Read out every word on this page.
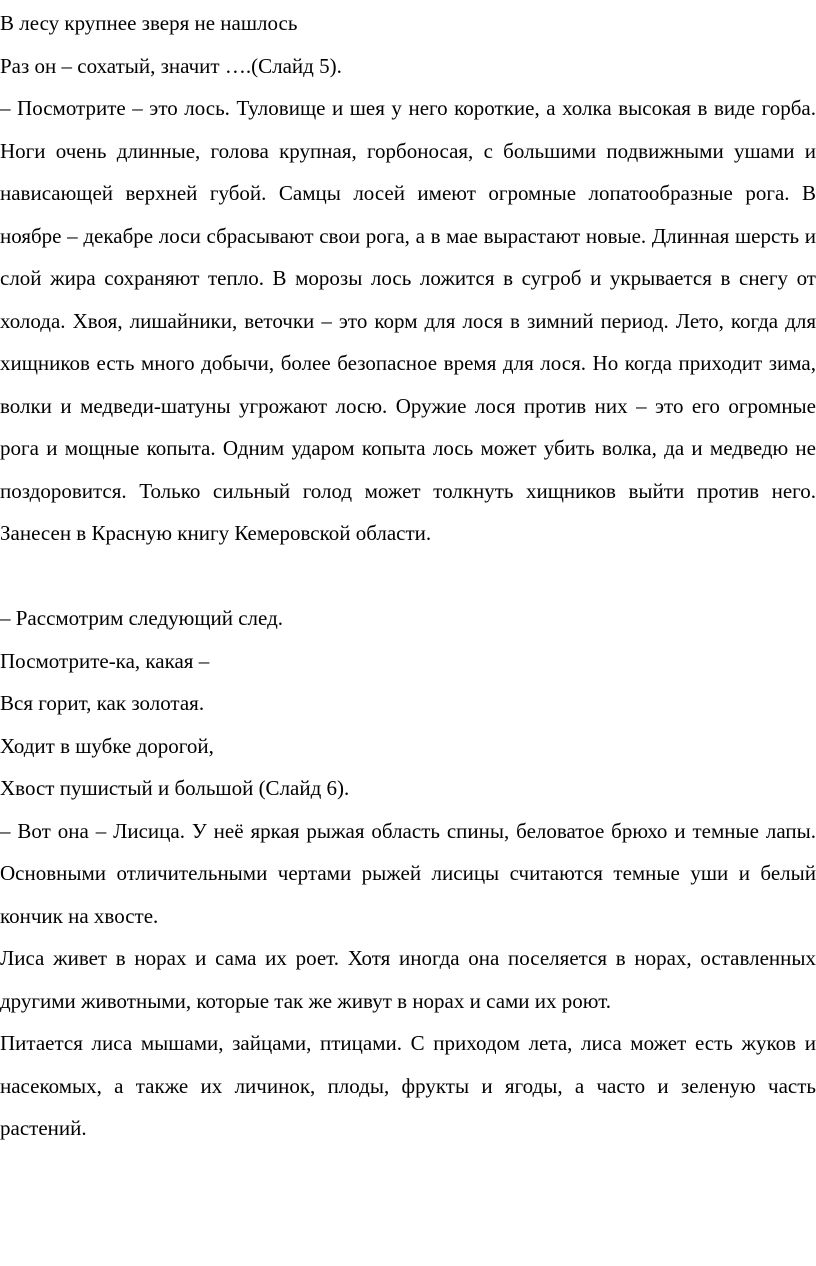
В лесу крупнее зверя не нашлось

Раз он – сохатый, значит ….(Слайд 5).

– Посмотрите – это лось. Туловище и шея у него короткие, а холка высокая в виде горба. Ноги очень длинные, голова крупная, горбоносая, с большими подвижными ушами и нависающей верхней губой. Самцы лосей имеют огромные лопатообразные рога. В ноябре – декабре лоси сбрасывают свои рога, а в мае вырастают новые. Длинная шерсть и слой жира сохраняют тепло. В морозы лось ложится в сугроб и укрывается в снегу от холода. Хвоя, лишайники, веточки – это корм для лося в зимний период. Лето, когда для хищников есть много добычи, более безопасное время для лося. Но когда приходит зима, волки и медведи-шатуны угрожают лосю. Оружие лося против них – это его огромные рога и мощные копыта. Одним ударом копыта лось может убить волка, да и медведю не поздоровится. Только сильный голод может толкнуть хищников выйти против него. Занесен в Красную книгу Кемеровской области.

– Рассмотрим следующий след.

Посмотрите-ка, какая –

Вся горит, как золотая.

Ходит в шубке дорогой,

Хвост пушистый и большой (Слайд 6).

– Вот она – Лисица. У неё яркая рыжая область спины, беловатое брюхо и темные лапы. Основными отличительными чертами рыжей лисицы считаются темные уши и белый кончик на хвосте.

Лиса живет в норах и сама их роет. Хотя иногда она поселяется в норах, оставленных другими животными, которые так же живут в норах и сами их роют.

Питается лиса мышами, зайцами, птицами. С приходом лета, лиса может есть жуков и насекомых, а также их личинок, плоды, фрукты и ягоды, а часто и зеленую часть растений.
